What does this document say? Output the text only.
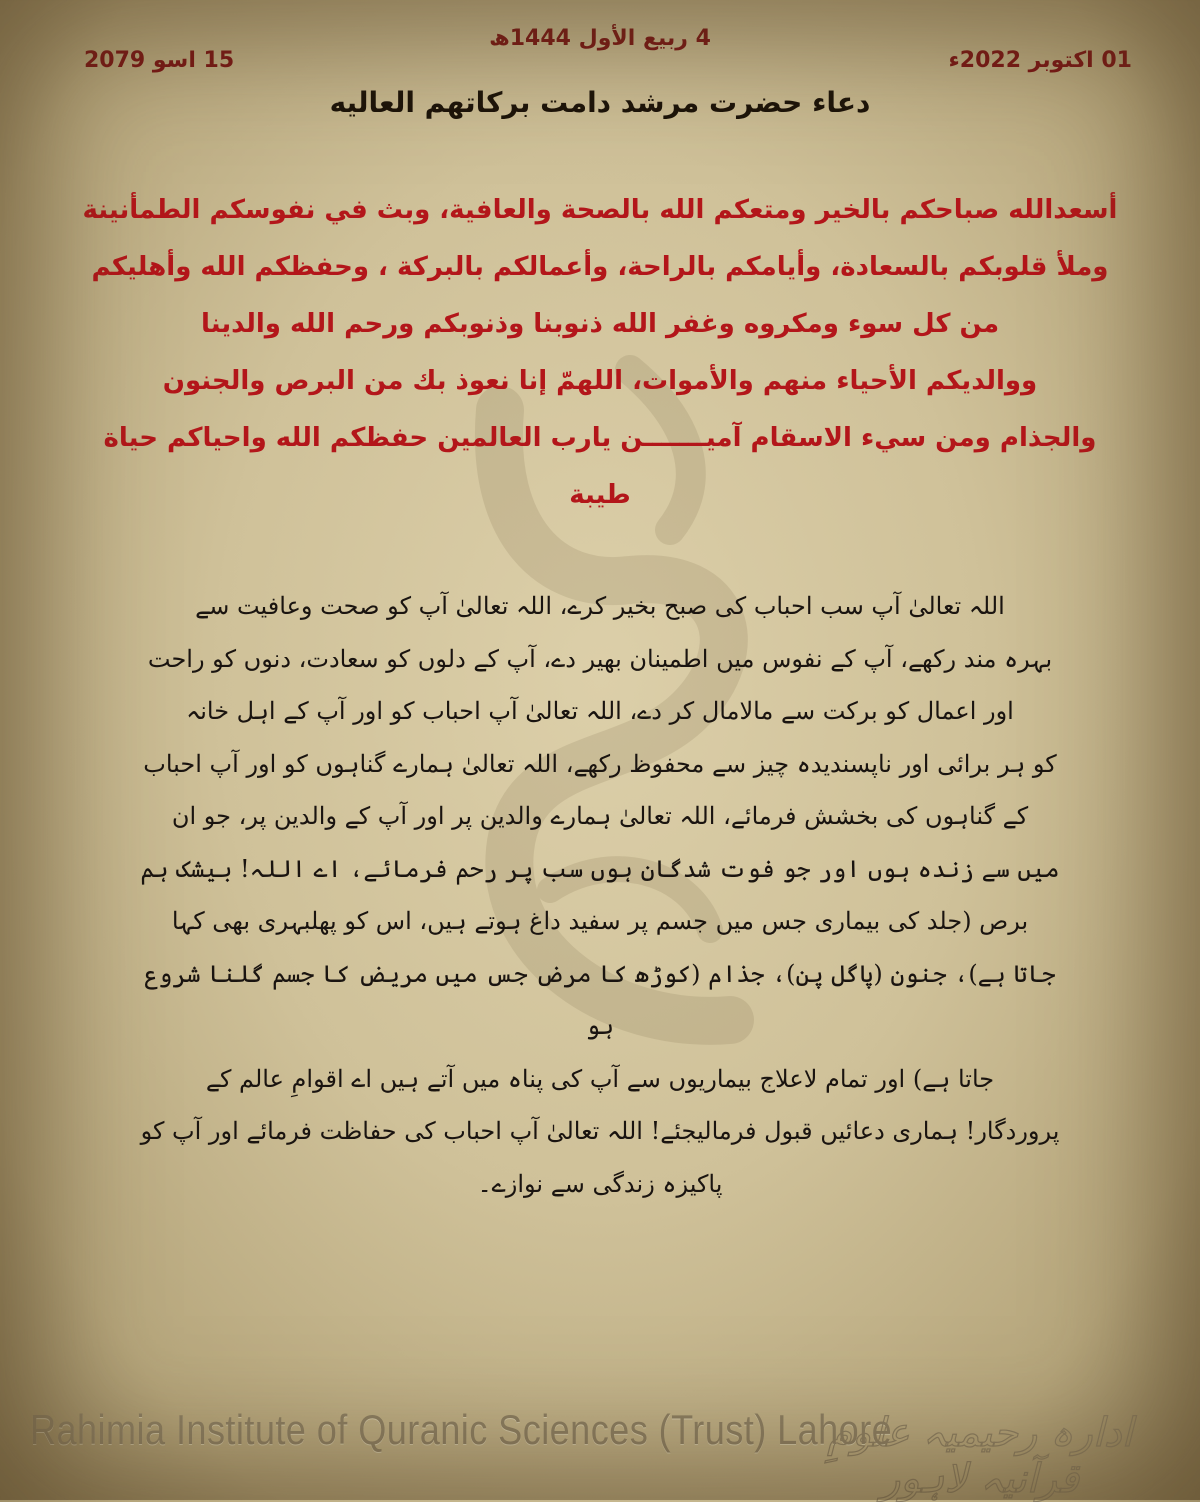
4 ربیع الأول 1444ھ
01 اکتوبر 2022ء
15 اسو 2079
دعاء حضرت مرشد دامت برکاتهم العالیه

أسعدالله صباحكم بالخير ومتعكم الله بالصحة والعافية، وبث في نفوسكم الطمأنينة

وملأ قلوبكم بالسعادة، وأيامكم بالراحة، وأعمالكم بالبركة ، وحفظكم الله وأهليكم

من كل سوء ومكروه وغفر الله ذنوبنا وذنوبكم ورحم الله والدينا

ووالديكم الأحياء منهم والأموات، اللهمّ إنا نعوذ بك من البرص والجنون

والجذام ومن سيء الاسقام آميـــــــن يارب العالمين حفظكم الله واحياكم حياة

طيبة

اللہ تعالیٰ آپ سب احباب کی صبح بخیر کرے، اللہ تعالیٰ آپ کو صحت وعافیت سے

بہرہ مند رکھے، آپ کے نفوس میں اطمینان بھیر دے، آپ کے دلوں کو سعادت، دنوں کو راحت

اور اعمال کو برکت سے مالامال کر دے، اللہ تعالیٰ آپ احباب کو اور آپ کے اہل خانہ

کو ہر برائی اور ناپسندیدہ چیز سے محفوظ رکھے، اللہ تعالیٰ ہمارے گناہوں کو اور آپ احباب

کے گناہوں کی بخشش فرمائے، اللہ تعالیٰ ہمارے والدین پر اور آپ کے والدین پر، جو ان

میں سے زندہ ہوں اور جو فوت شدگان ہوں سب پر رحم فرمائے، اے اللہ! بیشک ہم

برص (جلد کی بیماری جس میں جسم پر سفید داغ ہوتے ہیں، اس کو پھلبہری بھی کہا

جاتا ہے)، جنون (پاگل پن)، جذام (کوڑھ کا مرض جس میں مریض کا جسم گلنا شروع ہو

جاتا ہے) اور تمام لاعلاج بیماریوں سے آپ کی پناہ میں آتے ہیں اے اقوامِ عالم کے

پروردگار! ہماری دعائیں قبول فرمالیجئے! اللہ تعالیٰ آپ احباب کی حفاظت فرمائے اور آپ کو

پاکیزہ زندگی سے نوازے۔

Rahimia Institute of Quranic Sciences (Trust) Lahore
ادارہ رحیمیہ علومِ قرآنیہ لاہور
